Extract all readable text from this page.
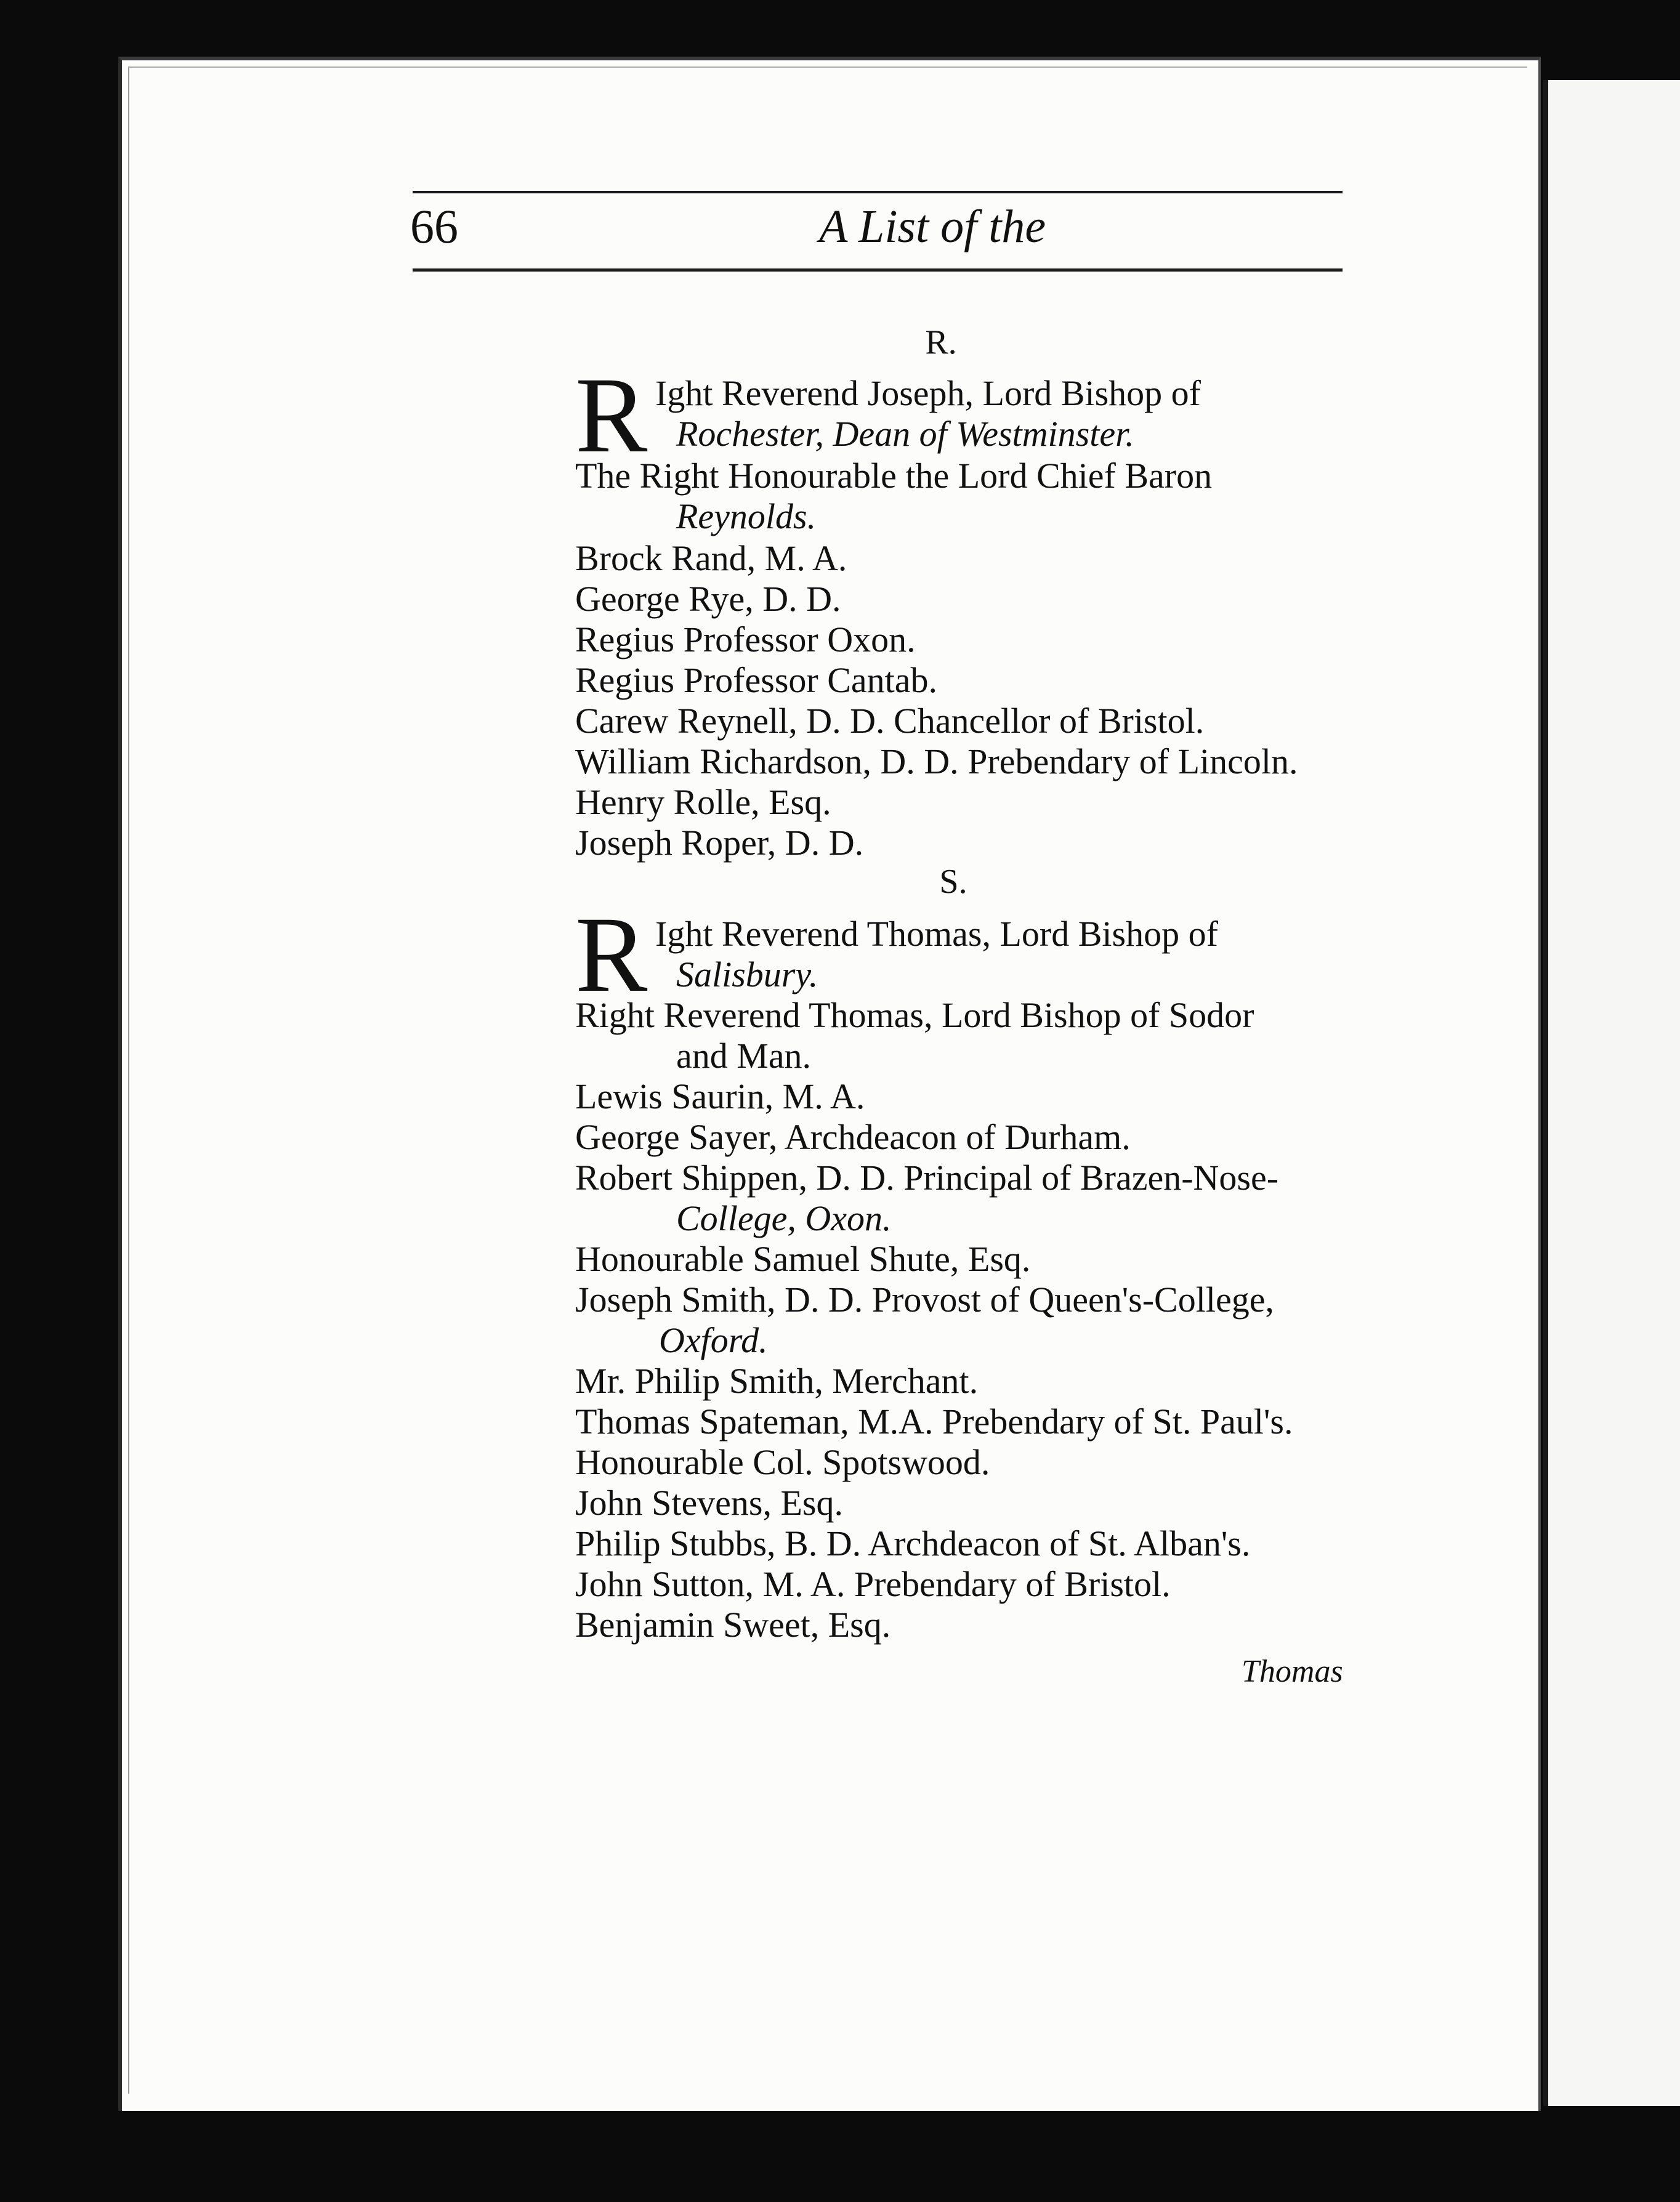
66	A List of the
R.
R Ight Reverend Joseph, Lord Bishop of
Rochester, Dean of Westminster.
The Right Honourable the Lord Chief Baron
Reynolds.
Brock Rand, M. A.
George Rye, D. D.
Regius Professor Oxon.
Regius Professor Cantab.
Carew Reynell, D. D. Chancellor of Bristol.
William Richardson, D. D. Prebendary of Lincoln.
Henry Rolle, Esq.
Joseph Roper, D. D.
S.
R Ight Reverend Thomas, Lord Bishop of
Salisbury.
Right Reverend Thomas, Lord Bishop of Sodor
and Man.
Lewis Saurin, M. A.
George Sayer, Archdeacon of Durham.
Robert Shippen, D. D. Principal of Brazen-Nose-
College, Oxon.
Honourable Samuel Shute, Esq.
Joseph Smith, D. D. Provost of Queen's-College,
Oxford.
Mr. Philip Smith, Merchant.
Thomas Spateman, M.A. Prebendary of St. Paul's.
Honourable Col. Spotswood.
John Stevens, Esq.
Philip Stubbs, B. D. Archdeacon of St. Alban's.
John Sutton, M. A. Prebendary of Bristol.
Benjamin Sweet, Esq.
Thomas
